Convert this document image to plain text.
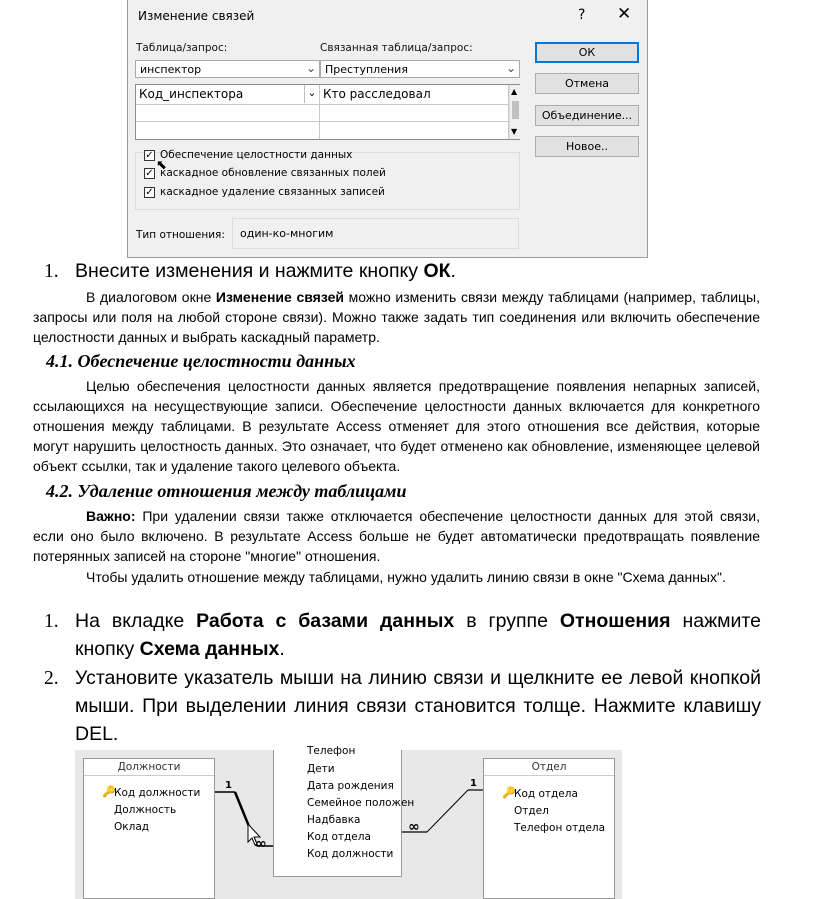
Изменение связей	? ✕
Таблица/запрос:	Связанная таблица/запрос:
инспектор	⌄ Преступления	⌄
Код_инспектора	⌄ Кто расследовал	▲
▼
✓ Обеспечение целостности данных
⬉
✓ каскадное обновление связанных полей
✓ каскадное удаление связанных записей
Тип отношения:	один-ко-многим
ОК
Отмена
Объединение...
Новое..
1. Внесите изменения и нажмите кнопку ОК.
В диалоговом окне Изменение связей можно изменить связи между таблицами (например, таблицы, запросы или поля на любой стороне связи). Можно также задать тип соединения или включить обеспечение целостности данных и выбрать каскадный параметр.
4.1. Обеспечение целостности данных
Целью обеспечения целостности данных является предотвращение появления непарных записей, ссылающихся на несуществующие записи. Обеспечение целостности данных включается для конкретного отношения между таблицами. В результате Access отменяет для этого отношения все действия, которые могут нарушить целостность данных. Это означает, что будет отменено как обновление, изменяющее целевой объект ссылки, так и удаление такого целевого объекта.
4.2. Удаление отношения между таблицами
Важно: При удалении связи также отключается обеспечение целостности данных для этой связи, если оно было включено. В результате Access больше не будет автоматически предотвращать появление потерянных записей на стороне "многие" отношения.
Чтобы удалить отношение между таблицами, нужно удалить линию связи в окне "Схема данных".
1. На вкладке Работа с базами данных в группе Отношения нажмите кнопку Схема данных.
2. Установите указатель мыши на линию связи и щелкните ее левой кнопкой мыши. При выделении линия связи становится толще. Нажмите клавишу DEL.
Должности
🔑
Код должности
Должность
Оклад
Телефон
Дети
Дата рождения
Семейное положен
Надбавка
Код отдела
Код должности
Отдел
🔑
Код отдела
Отдел
Телефон отдела
1
∞
1
∞
